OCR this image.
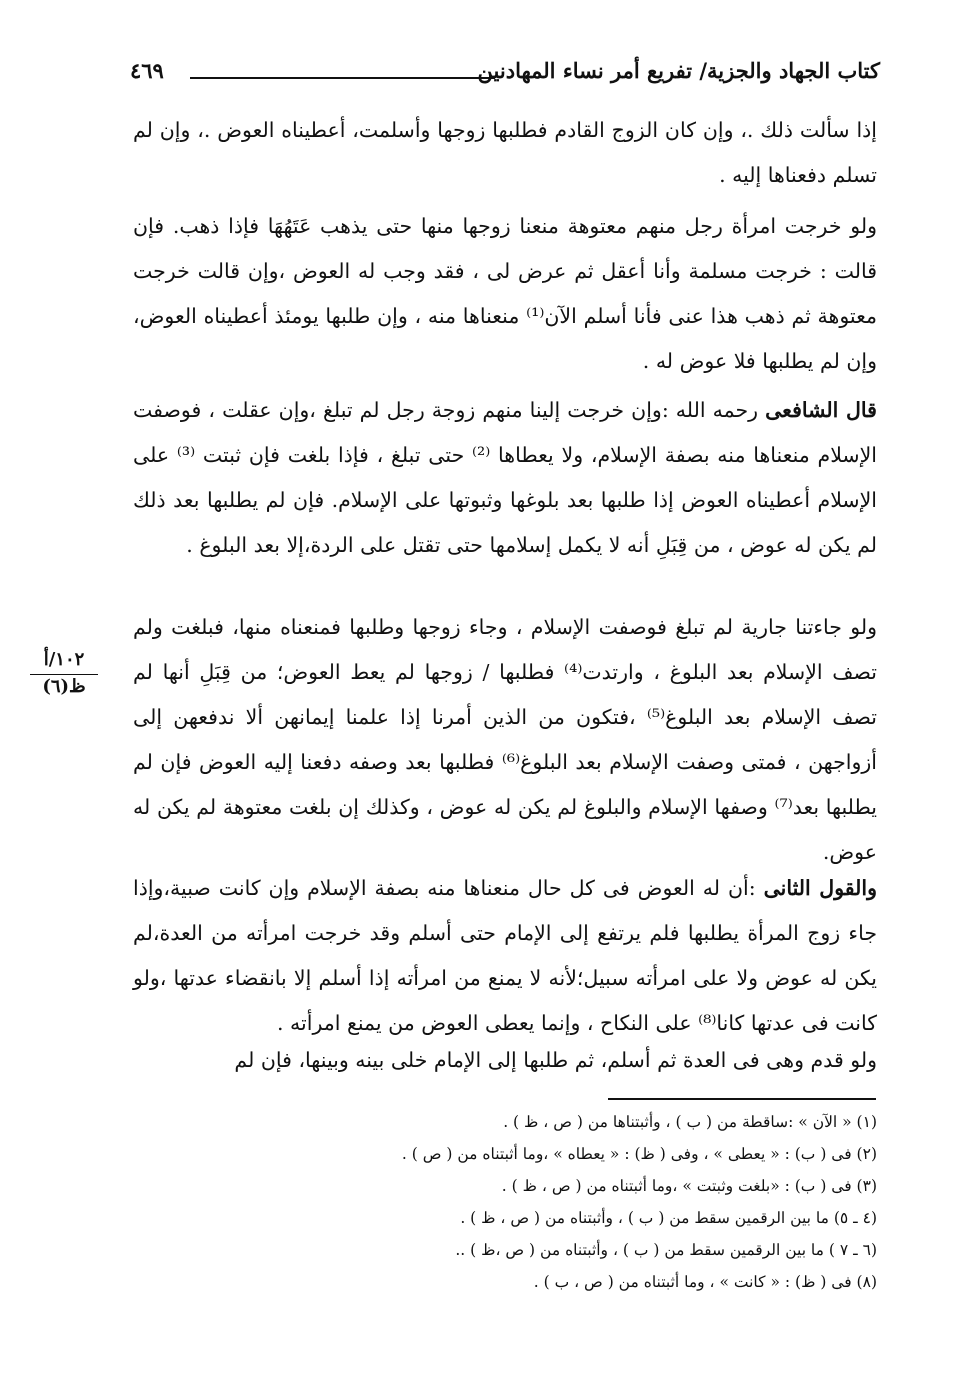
كتاب الجهاد والجزية/ تفريع أمر نساء المهادنين
٤٦٩

إذا سألت ذلك .، وإن كان الزوج القادم فطلبها زوجها وأسلمت، أعطيناه العوض .، وإن لم تسلم دفعناها إليه .

ولو خرجت امرأة رجل منهم معتوهة منعنا زوجها منها حتى يذهب عَتَهُهَا فإذا ذهب. فإن قالت : خرجت مسلمة وأنا أعقل ثم عرض لى ، فقد وجب له العوض ،وإن قالت خرجت معتوهة ثم ذهب هذا عنى فأنا أسلم الآن⁽¹⁾ منعناها منه ، وإن طلبها يومئذ أعطيناه العوض، وإن لم يطلبها فلا عوض له .

قال الشافعى رحمه الله :وإن خرجت إلينا منهم زوجة رجل لم تبلغ ،وإن عقلت ، فوصفت الإسلام منعناها منه بصفة الإسلام، ولا يعطاها ⁽²⁾ حتى تبلغ ، فإذا بلغت فإن ثبتت ⁽³⁾ على الإسلام أعطيناه العوض إذا طلبها بعد بلوغها وثبوتها على الإسلام. فإن لم يطلبها بعد ذلك لم يكن له عوض ، من قِبَلِ أنه لا يكمل إسلامها حتى تقتل على الردة،إلا بعد البلوغ .

ولو جاءتنا جارية لم تبلغ فوصفت الإسلام ، وجاء زوجها وطلبها فمنعناه منها، فبلغت ولم تصف الإسلام بعد البلوغ ، وارتدت⁽⁴⁾ فطلبها / زوجها لم يعط العوض؛ من قِبَلِ أنها لم تصف الإسلام بعد البلوغ⁽⁵⁾ ،فتكون من الذين أمرنا إذا علمنا إيمانهن ألا ندفعهن إلى أزواجهن ، فمتى وصفت الإسلام بعد البلوغ⁽⁶⁾ فطلبها بعد وصفه دفعنا إليه العوض فإن لم يطلبها بعد⁽⁷⁾ وصفها الإسلام والبلوغ لم يكن له عوض ، وكذلك إن بلغت معتوهة لم يكن له عوض.

والقول الثانى :أن له العوض فى كل حال منعناها منه بصفة الإسلام وإن كانت صبية،وإذا جاء زوج المرأة يطلبها فلم يرتفع إلى الإمام حتى أسلم وقد خرجت امرأته من العدة،لم يكن له عوض ولا على امرأته سبيل؛لأنه لا يمنع من امرأته إذا أسلم إلا بانقضاء عدتها ،ولو كانت فى عدتها كانا⁽⁸⁾ على النكاح ، وإنما يعطى العوض من يمنع امرأته .

ولو قدم وهى فى العدة ثم أسلم، ثم طلبها إلى الإمام خلى بينه وبينها، فإن لم

١٠٢/أ
ظ(٦)
(١) « الآن » :ساقطة من ( ب ) ، وأثبتناها من ( ص ، ظ ) .
(٢) فى ( ب) : « يعطى » ، وفى ( ظ) : « يعطاه » ،وما أثبتناه من ( ص ) .
(٣) فى ( ب) : «بلغت وثبتت » ،وما أثبتناه من ( ص ، ظ ) .
(٤ ـ ٥) ما بين الرقمين سقط من ( ب ) ، وأثبتناه من ( ص ، ظ ) .
(٦ ـ ٧ ) ما بين الرقمين سقط من ( ب ) ، وأثبتناه من ( ص ،ظ ) ..
(٨) فى ( ظ) : « كانت » ، وما أثبتناه من ( ص ، ب ) .
